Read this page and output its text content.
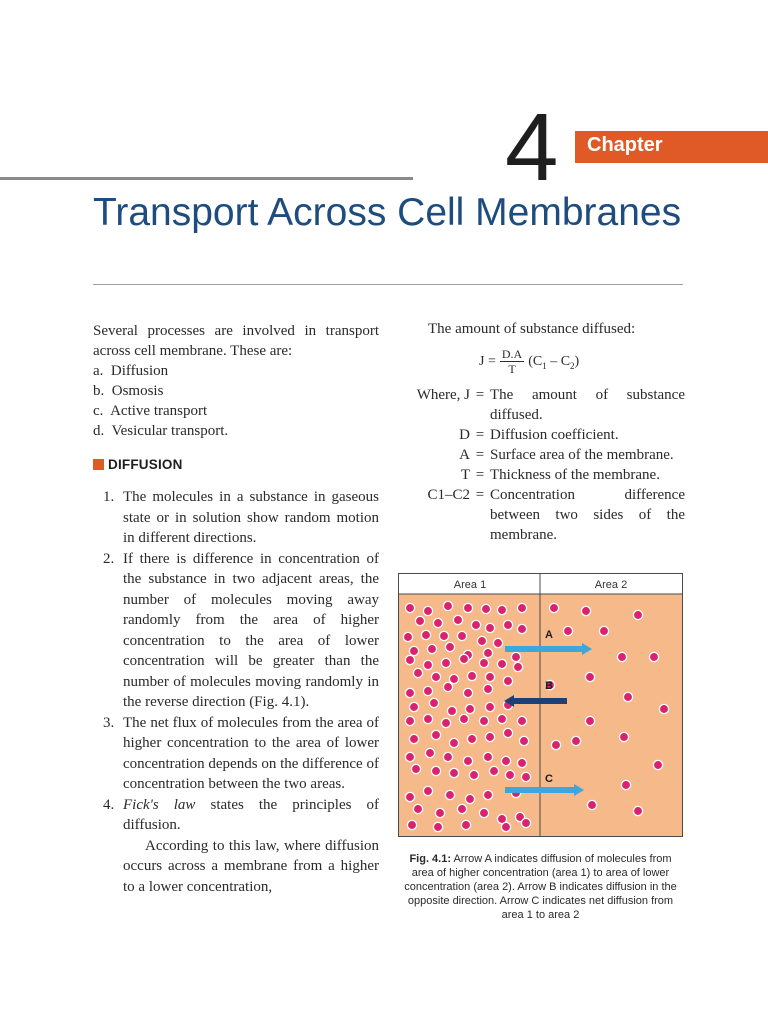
4 Chapter
Transport Across Cell Membranes

Several processes are involved in transport across cell membrane. These are:

a.  Diffusion
b.  Osmosis
c.  Active transport
d.  Vesicular transport.
DIFFUSION
1. The molecules in a substance in gaseous state or in solution show random motion in different directions.
2. If there is difference in concentration of the substance in two adjacent areas, the number of molecules moving away randomly from the area of higher concentration to the area of lower concentration will be greater than the number of molecules moving randomly in the reverse direction (Fig. 4.1).
3. The net flux of molecules from the area of higher concentration to the area of lower concentration depends on the difference of concentration between the two areas.
4. Fick's law states the principles of diffusion.
According to this law, where diffusion occurs across a membrane from a higher to a lower concentration,
The amount of substance diffused:
$J = \frac{D.A}{T} (C_1 - C_2)$
Where, J = The amount of substance diffused.
D = Diffusion coefficient.
A = Surface area of the membrane.
T = Thickness of the membrane.
C1–C2 = Concentration difference between two sides of the membrane.
Area 1	Area 2
A
B
C
Fig. 4.1: Arrow A indicates diffusion of molecules from area of higher concentration (area 1) to area of lower concentration (area 2). Arrow B indicates diffusion in the opposite direction. Arrow C indicates net diffusion from area 1 to area 2
